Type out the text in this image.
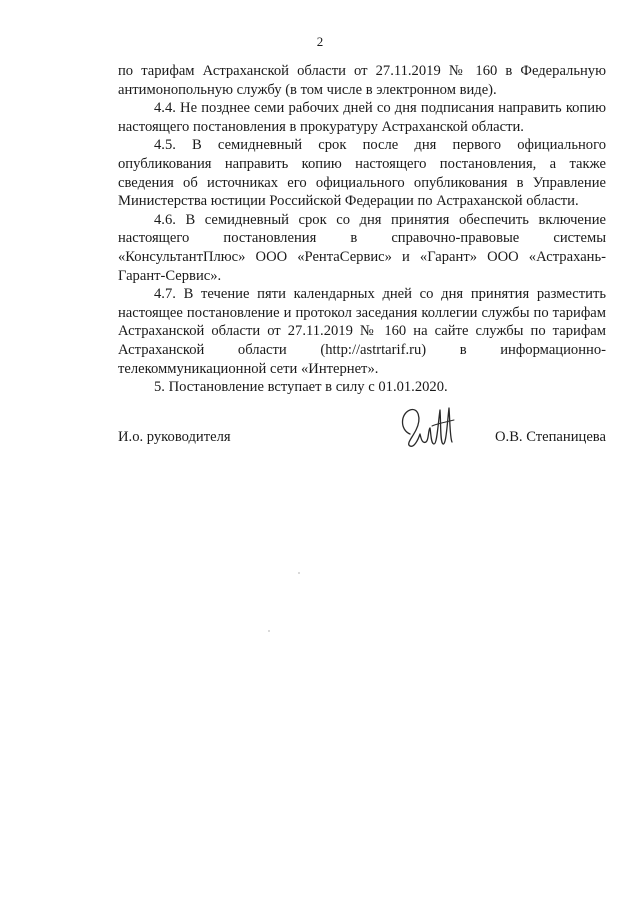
2

по тарифам Астраханской области от 27.11.2019 № 160 в Федеральную антимонопольную службу (в том числе в электронном виде).

4.4. Не позднее семи рабочих дней со дня подписания направить копию настоящего постановления в прокуратуру Астраханской области.

4.5. В семидневный срок после дня первого официального опубликования направить копию настоящего постановления, а также сведения об источниках его официального опубликования в Управление Министерства юстиции Российской Федерации по Астраханской области.

4.6. В семидневный срок со дня принятия обеспечить включение настоящего постановления в справочно-правовые системы «КонсультантПлюс» ООО «РентаСервис» и «Гарант» ООО «Астрахань-Гарант-Сервис».

4.7. В течение пяти календарных дней со дня принятия разместить настоящее постановление и протокол заседания коллегии службы по тарифам Астраханской области от 27.11.2019 № 160 на сайте службы по тарифам Астраханской области (http://astrtarif.ru) в информационно-телекоммуникационной сети «Интернет».

5. Постановление вступает в силу с 01.01.2020.

И.о. руководителя	О.В. Степаницева
